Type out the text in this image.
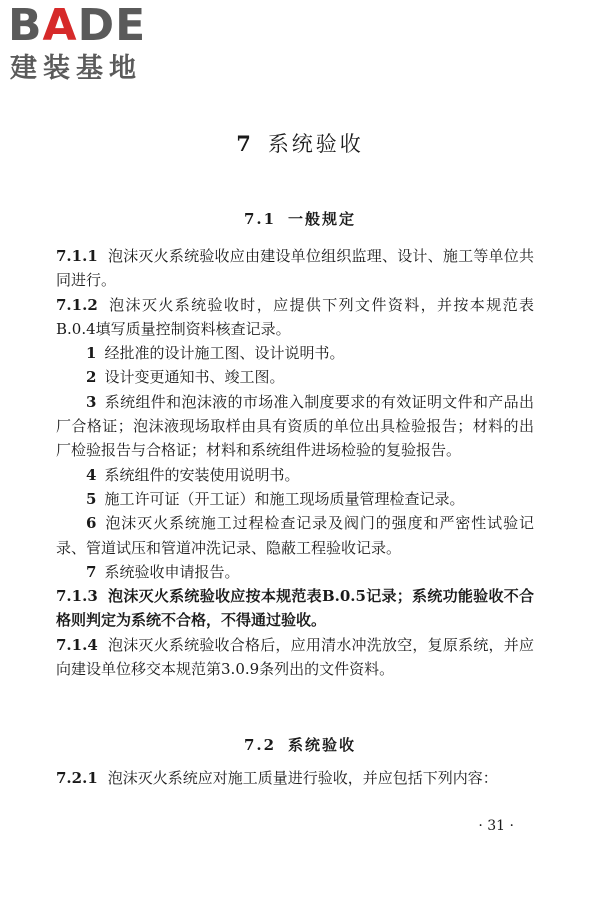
BADE
建装基地
7 系统验收
7.1 一般规定

7.1.1 泡沫灭火系统验收应由建设单位组织监理、设计、施工等单位共同进行。

7.1.2 泡沫灭火系统验收时，应提供下列文件资料，并按本规范表B.0.4填写质量控制资料核查记录。

1 经批准的设计施工图、设计说明书。

2 设计变更通知书、竣工图。

3 系统组件和泡沫液的市场准入制度要求的有效证明文件和产品出厂合格证；泡沫液现场取样由具有资质的单位出具检验报告；材料的出厂检验报告与合格证；材料和系统组件进场检验的复验报告。

4 系统组件的安装使用说明书。

5 施工许可证（开工证）和施工现场质量管理检查记录。

6 泡沫灭火系统施工过程检查记录及阀门的强度和严密性试验记录、管道试压和管道冲洗记录、隐蔽工程验收记录。

7 系统验收申请报告。

7.1.3 泡沫灭火系统验收应按本规范表B.0.5记录；系统功能验收不合格则判定为系统不合格，不得通过验收。

7.1.4 泡沫灭火系统验收合格后，应用清水冲洗放空，复原系统，并应向建设单位移交本规范第3.0.9条列出的文件资料。

7.2 系统验收

7.2.1 泡沫灭火系统应对施工质量进行验收，并应包括下列内容：

· 31 ·
